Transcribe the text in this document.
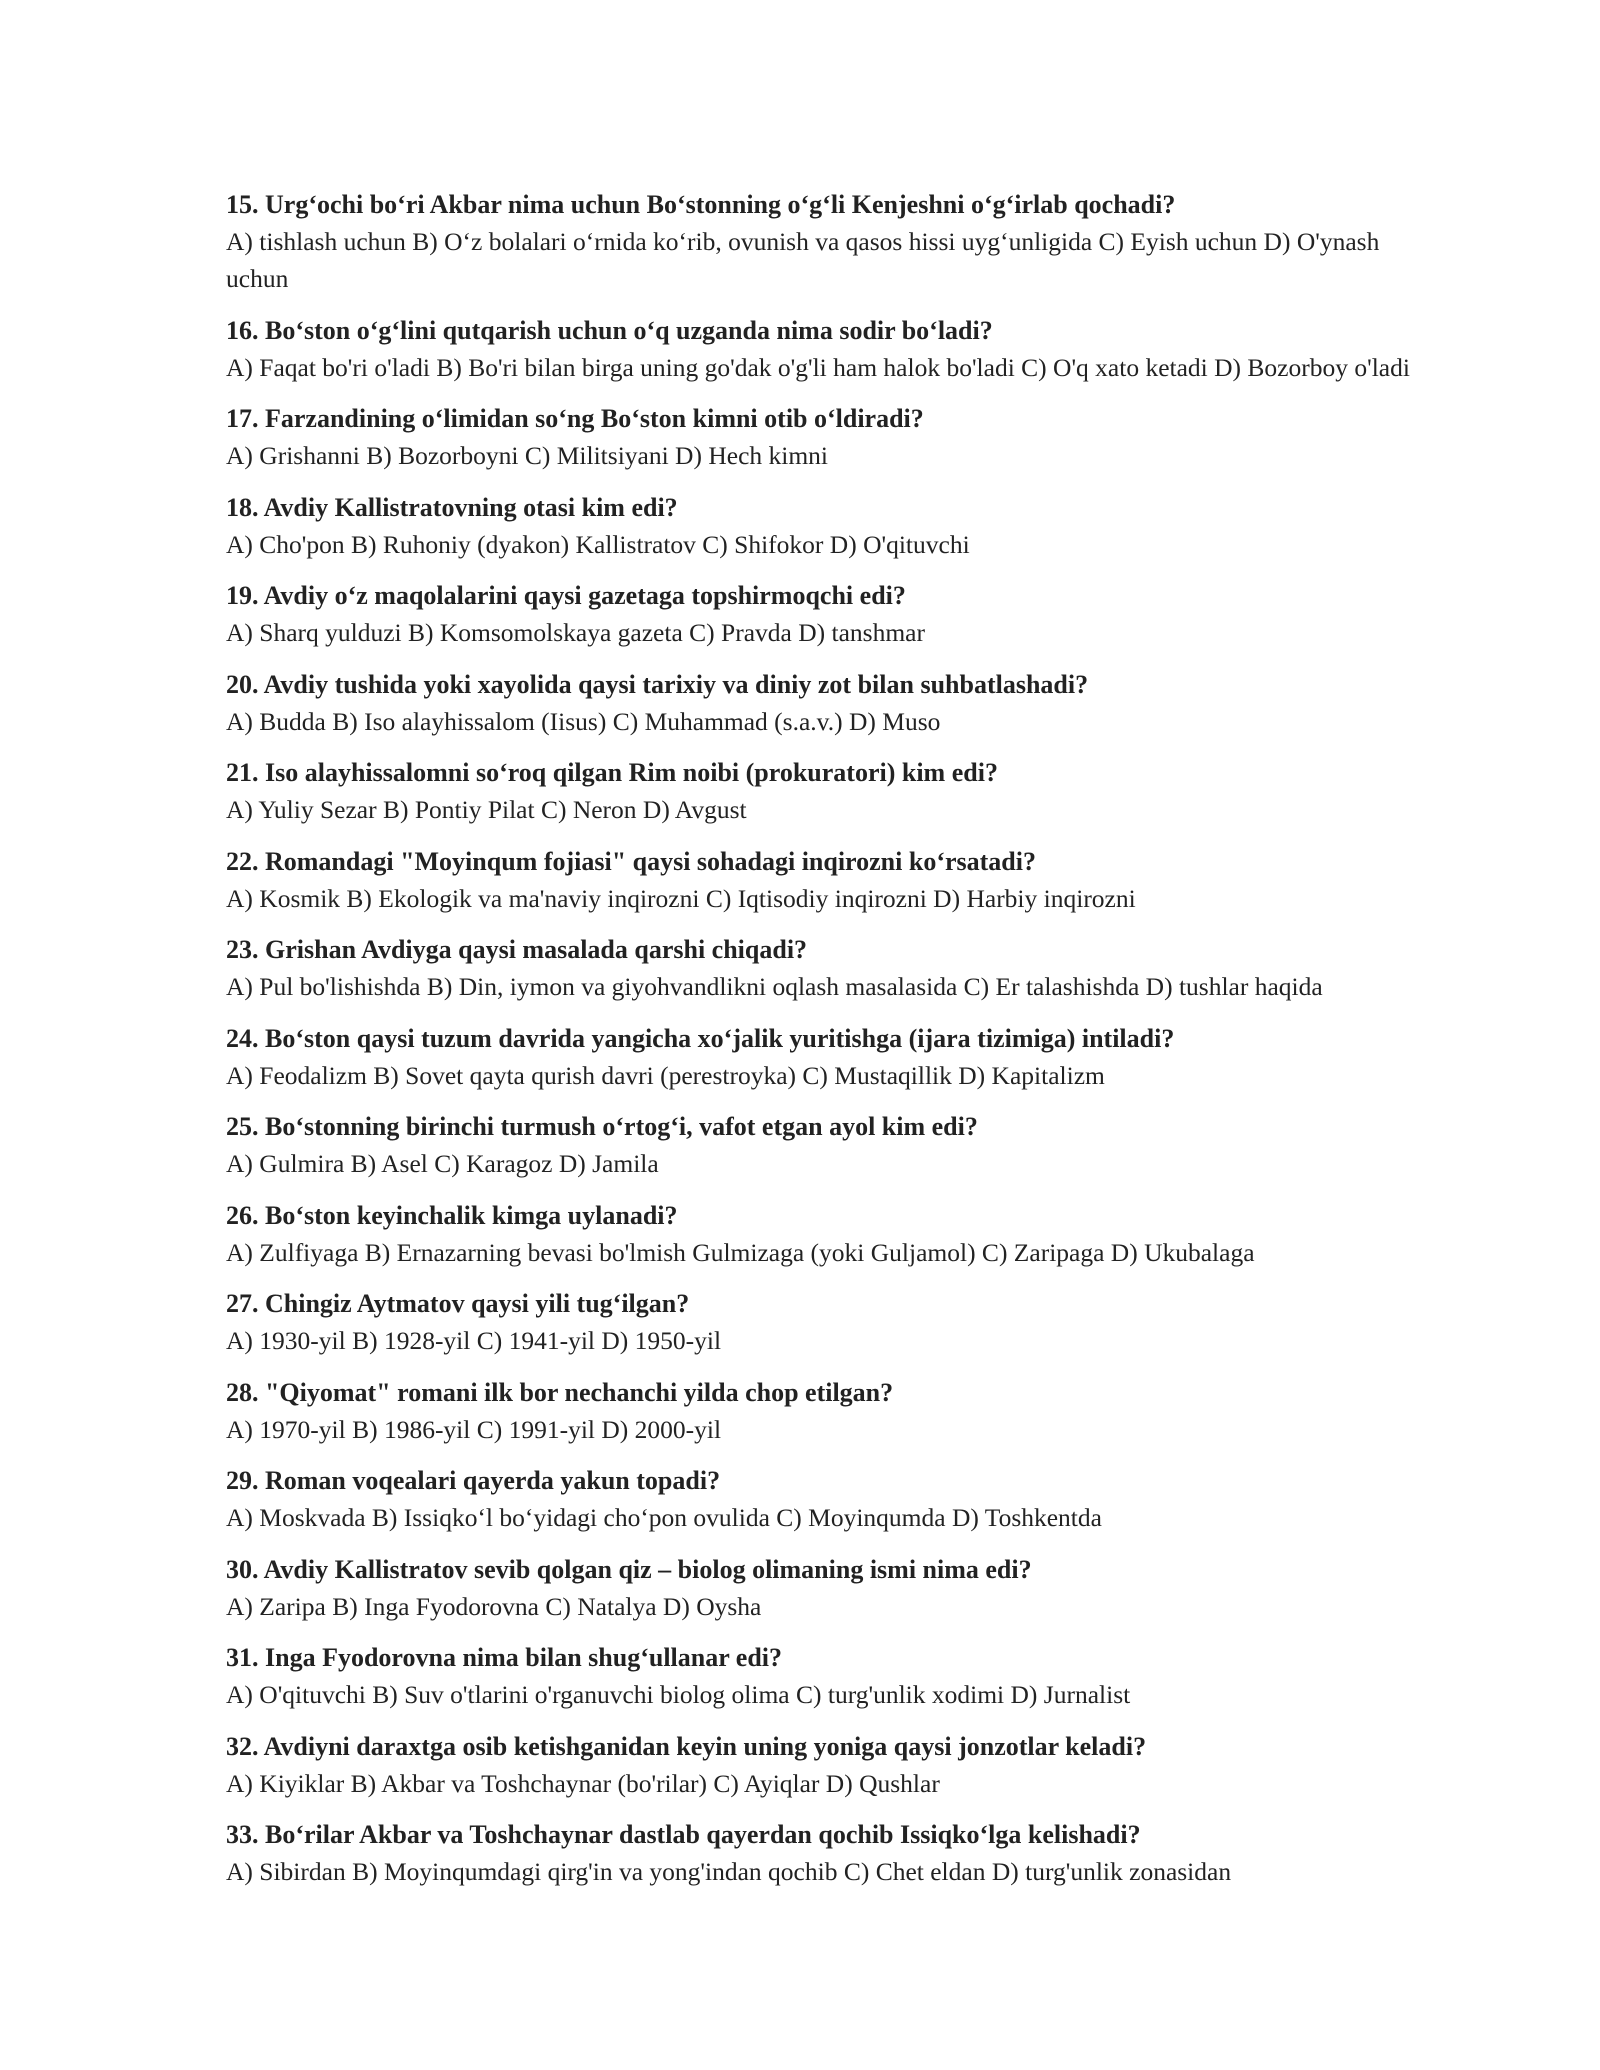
15. Urg‘ochi bo‘ri Akbar nima uchun Bo‘stonning o‘g‘li Kenjeshni o‘g‘irlab qochadi?

A) tishlash uchun B) O‘z bolalari o‘rnida ko‘rib, ovunish va qasos hissi uyg‘unligida C) Eyish uchun D) O'ynash uchun

16. Bo‘ston o‘g‘lini qutqarish uchun o‘q uzganda nima sodir bo‘ladi?

A) Faqat bo'ri o'ladi B) Bo'ri bilan birga uning go'dak o'g'li ham halok bo'ladi C) O'q xato ketadi D) Bozorboy o'ladi

17. Farzandining o‘limidan so‘ng Bo‘ston kimni otib o‘ldiradi?

A) Grishanni B) Bozorboyni C) Militsiyani D) Hech kimni

18. Avdiy Kallistratovning otasi kim edi?

A) Cho'pon B) Ruhoniy (dyakon) Kallistratov C) Shifokor D) O'qituvchi

19. Avdiy o‘z maqolalarini qaysi gazetaga topshirmoqchi edi?

A) Sharq yulduzi B) Komsomolskaya gazeta C) Pravda D) tanshmar

20. Avdiy tushida yoki xayolida qaysi tarixiy va diniy zot bilan suhbatlashadi?

A) Budda B) Iso alayhissalom (Iisus) C) Muhammad (s.a.v.) D) Muso

21. Iso alayhissalomni so‘roq qilgan Rim noibi (prokuratori) kim edi?

A) Yuliy Sezar B) Pontiy Pilat C) Neron D) Avgust

22. Romandagi "Moyinqum fojiasi" qaysi sohadagi inqirozni ko‘rsatadi?

A) Kosmik B) Ekologik va ma'naviy inqirozni C) Iqtisodiy inqirozni D) Harbiy inqirozni

23. Grishan Avdiyga qaysi masalada qarshi chiqadi?

A) Pul bo'lishishda B) Din, iymon va giyohvandlikni oqlash masalasida C) Er talashishda D) tushlar haqida

24. Bo‘ston qaysi tuzum davrida yangicha xo‘jalik yuritishga (ijara tizimiga) intiladi?

A) Feodalizm B) Sovet qayta qurish davri (perestroyka) C) Mustaqillik D) Kapitalizm

25. Bo‘stonning birinchi turmush o‘rtog‘i, vafot etgan ayol kim edi?

A) Gulmira B) Asel C) Karagoz D) Jamila

26. Bo‘ston keyinchalik kimga uylanadi?

A) Zulfiyaga B) Ernazarning bevasi bo'lmish Gulmizaga (yoki Guljamol) C) Zaripaga D) Ukubalaga

27. Chingiz Aytmatov qaysi yili tug‘ilgan?

A) 1930-yil B) 1928-yil C) 1941-yil D) 1950-yil

28. "Qiyomat" romani ilk bor nechanchi yilda chop etilgan?

A) 1970-yil B) 1986-yil C) 1991-yil D) 2000-yil

29. Roman voqealari qayerda yakun topadi?

A) Moskvada B) Issiqko‘l bo‘yidagi cho‘pon ovulida C) Moyinqumda D) Toshkentda

30. Avdiy Kallistratov sevib qolgan qiz – biolog olimaning ismi nima edi?

A) Zaripa B) Inga Fyodorovna C) Natalya D) Oysha

31. Inga Fyodorovna nima bilan shug‘ullanar edi?

A) O'qituvchi B) Suv o'tlarini o'rganuvchi biolog olima C) turg'unlik xodimi D) Jurnalist

32. Avdiyni daraxtga osib ketishganidan keyin uning yoniga qaysi jonzotlar keladi?

A) Kiyiklar B) Akbar va Toshchaynar (bo'rilar) C) Ayiqlar D) Qushlar

33. Bo‘rilar Akbar va Toshchaynar dastlab qayerdan qochib Issiqko‘lga kelishadi?

A) Sibirdan B) Moyinqumdagi qirg'in va yong'indan qochib C) Chet eldan D) turg'unlik zonasidan
